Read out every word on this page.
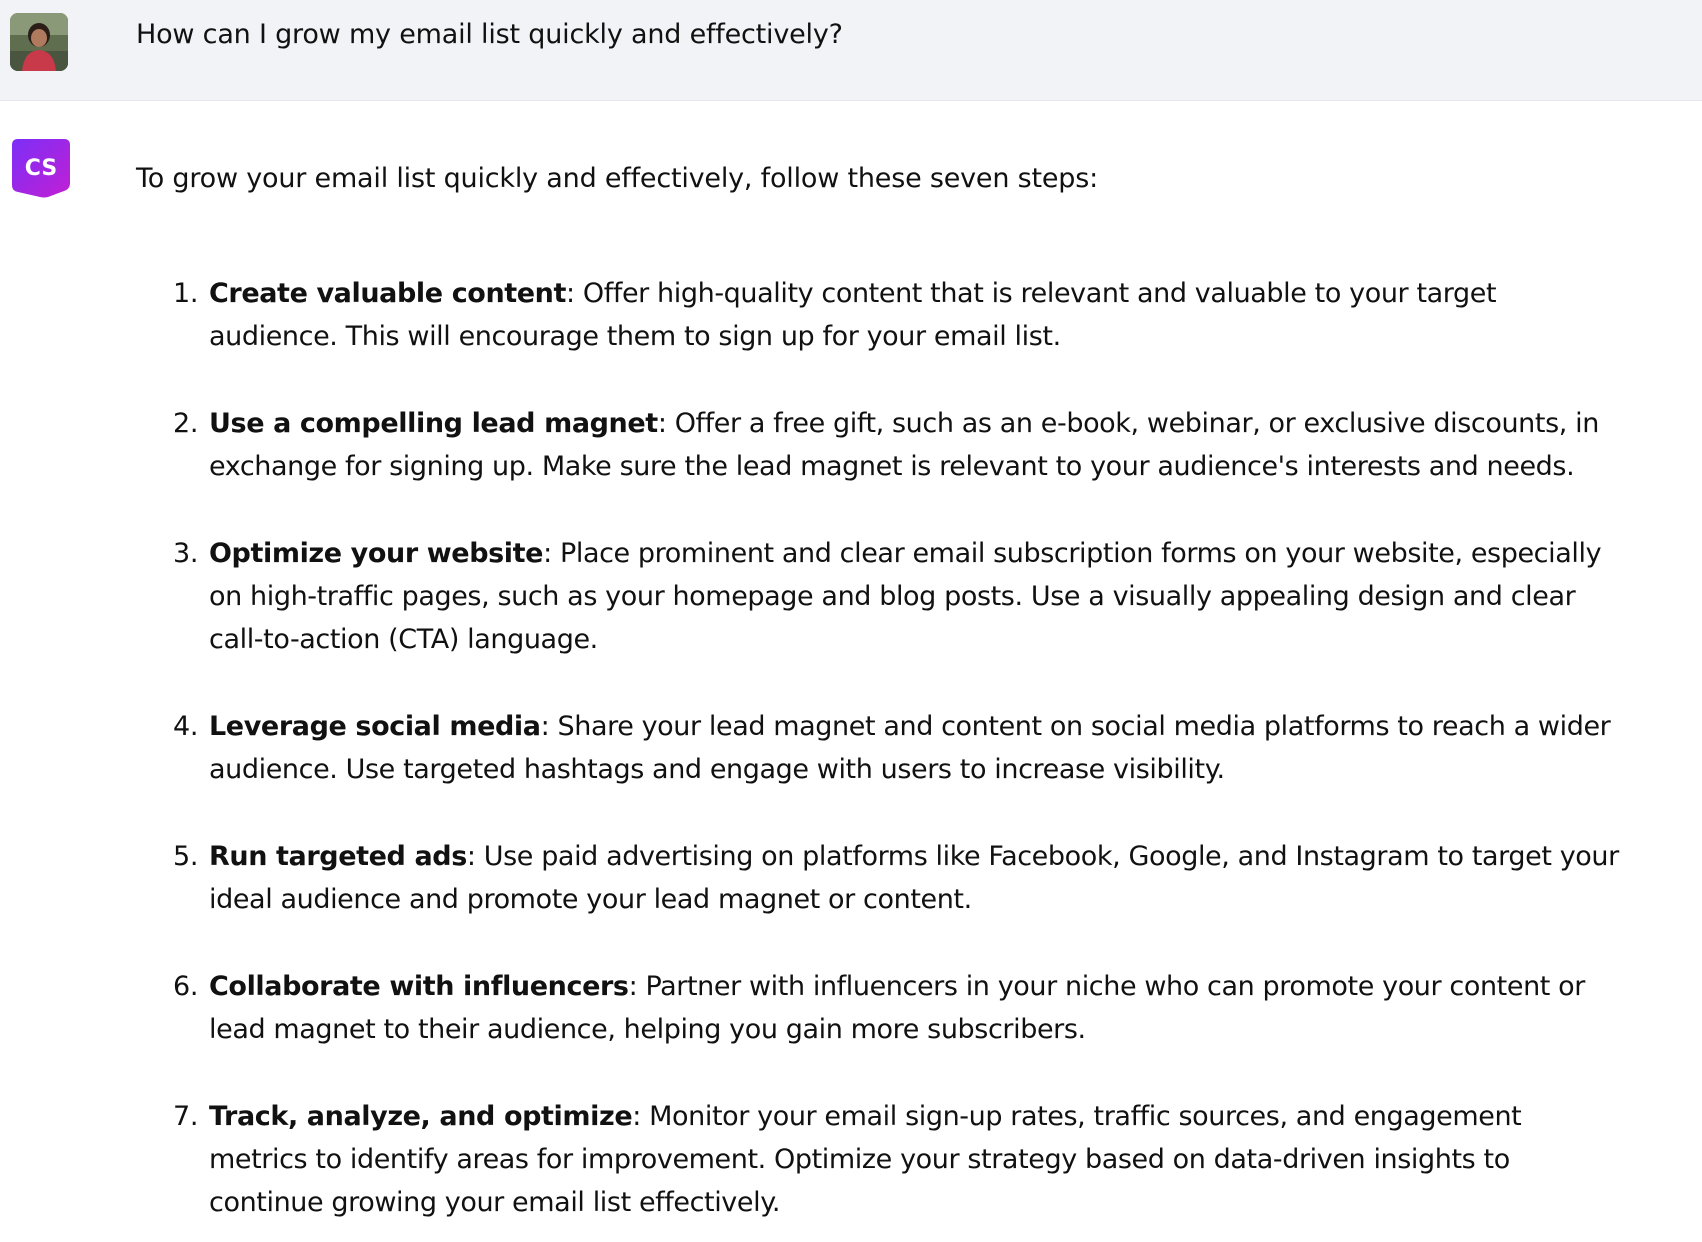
How can I grow my email list quickly and effectively?
CS	To grow your email list quickly and effectively, follow these seven steps:
1. Create valuable content: Offer high-quality content that is relevant and valuable to your target audience. This will encourage them to sign up for your email list.
2. Use a compelling lead magnet: Offer a free gift, such as an e-book, webinar, or exclusive discounts, in exchange for signing up. Make sure the lead magnet is relevant to your audience's interests and needs.
3. Optimize your website: Place prominent and clear email subscription forms on your website, especially on high-traffic pages, such as your homepage and blog posts. Use a visually appealing design and clear call-to-action (CTA) language.
4. Leverage social media: Share your lead magnet and content on social media platforms to reach a wider audience. Use targeted hashtags and engage with users to increase visibility.
5. Run targeted ads: Use paid advertising on platforms like Facebook, Google, and Instagram to target your ideal audience and promote your lead magnet or content.
6. Collaborate with influencers: Partner with influencers in your niche who can promote your content or lead magnet to their audience, helping you gain more subscribers.
7. Track, analyze, and optimize: Monitor your email sign-up rates, traffic sources, and engagement metrics to identify areas for improvement. Optimize your strategy based on data-driven insights to continue growing your email list effectively.
